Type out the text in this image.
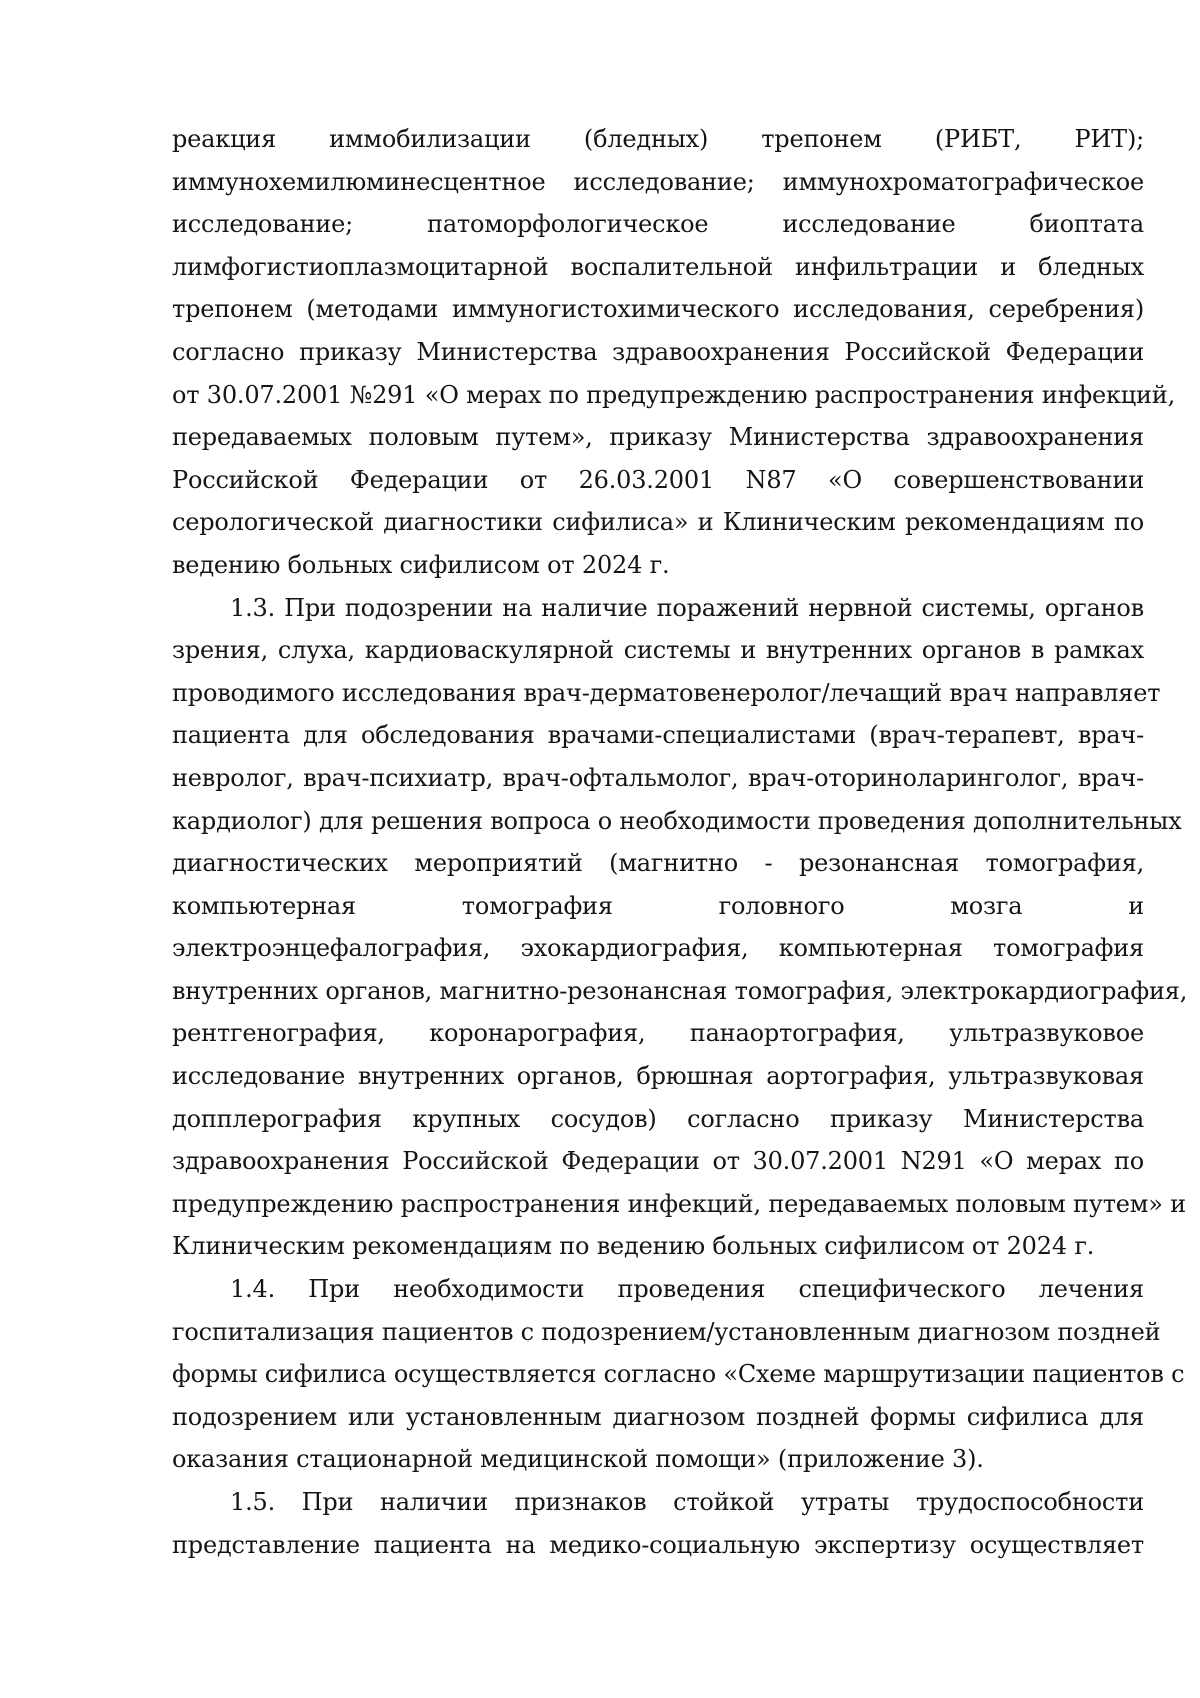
реакция иммобилизации (бледных) трепонем (РИБТ, РИТ);
иммунохемилюминесцентное исследование; иммунохроматографическое
исследование; патоморфологическое исследование биоптата
лимфогистиоплазмоцитарной воспалительной инфильтрации и бледных
трепонем (методами иммуногистохимического исследования, серебрения)
согласно приказу Министерства здравоохранения Российской Федерации
от 30.07.2001 №291 «О мерах по предупреждению распространения инфекций,
передаваемых половым путем», приказу Министерства здравоохранения
Российской Федерации от 26.03.2001 N87 «О совершенствовании
серологической диагностики сифилиса» и Клиническим рекомендациям по
ведению больных сифилисом от 2024 г.
1.3. При подозрении на наличие поражений нервной системы, органов
зрения, слуха, кардиоваскулярной системы и внутренних органов в рамках
проводимого исследования врач-дерматовенеролог/лечащий врач направляет
пациента для обследования врачами-специалистами (врач-терапевт, врач-
невролог, врач-психиатр, врач-офтальмолог, врач-оториноларинголог, врач-
кардиолог) для решения вопроса о необходимости проведения дополнительных
диагностических мероприятий (магнитно - резонансная томография,
компьютерная томография головного мозга и
электроэнцефалография, эхокардиография, компьютерная томография
внутренних органов, магнитно-резонансная томография, электрокардиография,
рентгенография, коронарография, панаортография, ультразвуковое
исследование внутренних органов, брюшная аортография, ультразвуковая
допплерография крупных сосудов) согласно приказу Министерства
здравоохранения Российской Федерации от 30.07.2001 N291 «О мерах по
предупреждению распространения инфекций, передаваемых половым путем» и
Клиническим рекомендациям по ведению больных сифилисом от 2024 г.
1.4. При необходимости проведения специфического лечения
госпитализация пациентов с подозрением/установленным диагнозом поздней
формы сифилиса осуществляется согласно «Схеме маршрутизации пациентов с
подозрением или установленным диагнозом поздней формы сифилиса для
оказания стационарной медицинской помощи» (приложение 3).
1.5. При наличии признаков стойкой утраты трудоспособности
представление пациента на медико-социальную экспертизу осуществляет
